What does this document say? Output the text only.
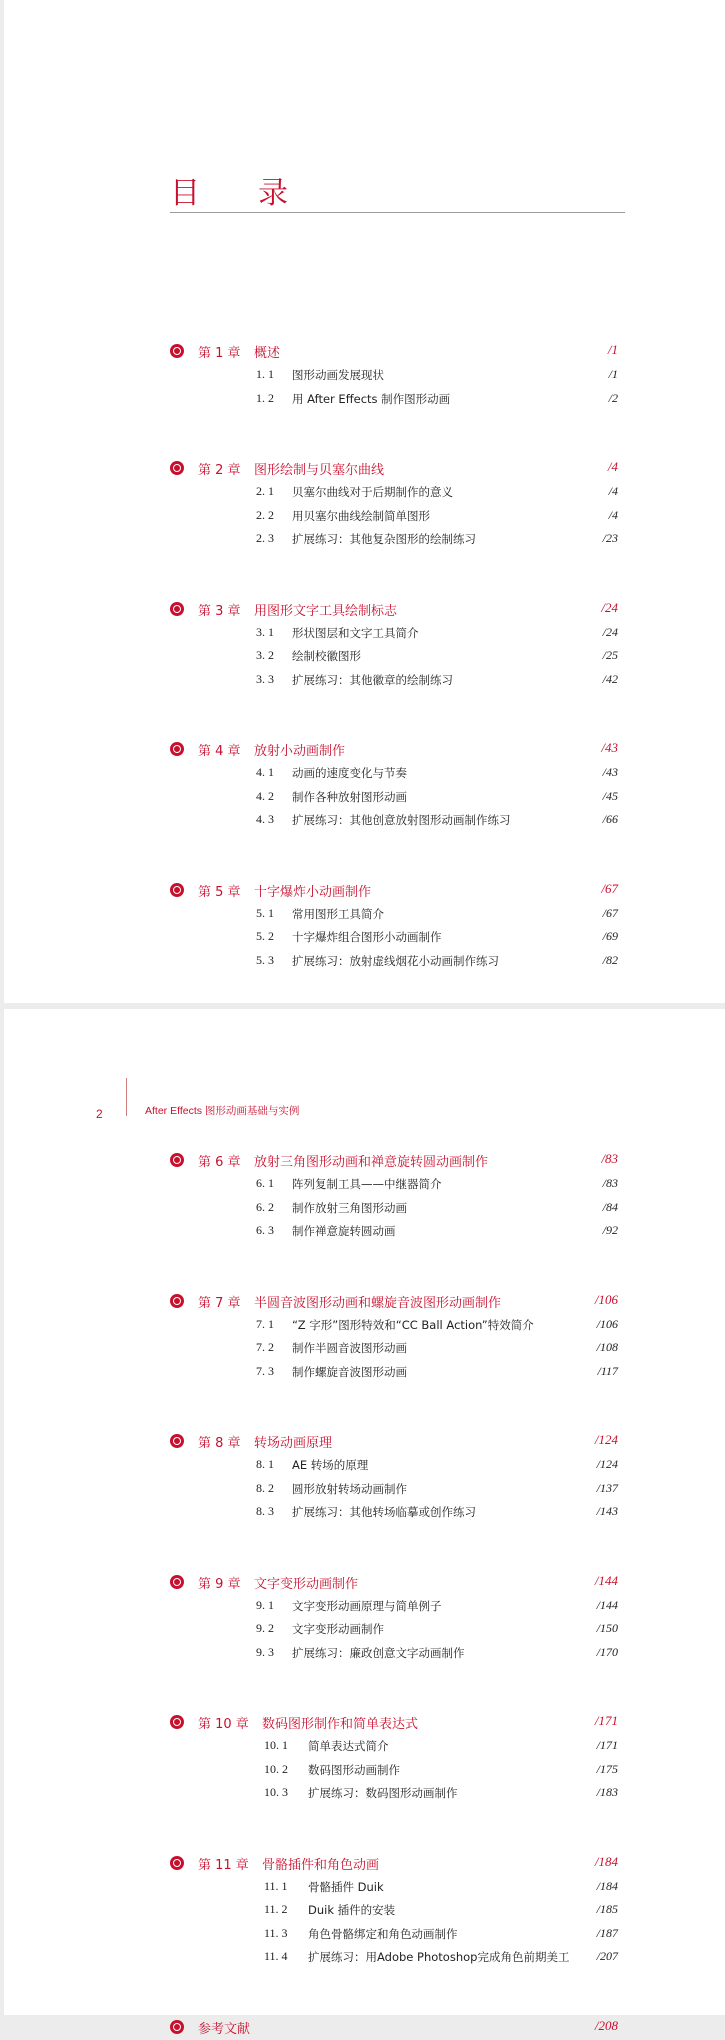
目　录
2	After Effects 图形动画基础与实例
第 1 章 概述	/1
1. 1 图形动画发展现状	/1
1. 2 用 After Effects 制作图形动画	/2
第 2 章 图形绘制与贝塞尔曲线	/4
2. 1 贝塞尔曲线对于后期制作的意义	/4
2. 2 用贝塞尔曲线绘制简单图形	/4
2. 3 扩展练习：其他复杂图形的绘制练习	/23
第 3 章 用图形文字工具绘制标志	/24
3. 1 形状图层和文字工具简介	/24
3. 2 绘制校徽图形	/25
3. 3 扩展练习：其他徽章的绘制练习	/42
第 4 章 放射小动画制作	/43
4. 1 动画的速度变化与节奏	/43
4. 2 制作各种放射图形动画	/45
4. 3 扩展练习：其他创意放射图形动画制作练习	/66
第 5 章 十字爆炸小动画制作	/67
5. 1 常用图形工具简介	/67
5. 2 十字爆炸组合图形小动画制作	/69
5. 3 扩展练习：放射虚线烟花小动画制作练习	/82
第 6 章 放射三角图形动画和禅意旋转圆动画制作	/83
6. 1 阵列复制工具——中继器简介	/83
6. 2 制作放射三角图形动画	/84
6. 3 制作禅意旋转圆动画	/92
第 7 章 半圆音波图形动画和螺旋音波图形动画制作	/106
7. 1 “Z 字形”图形特效和“CC Ball Action”特效简介	/106
7. 2 制作半圆音波图形动画	/108
7. 3 制作螺旋音波图形动画	/117
第 8 章 转场动画原理	/124
8. 1 AE 转场的原理	/124
8. 2 圆形放射转场动画制作	/137
8. 3 扩展练习：其他转场临摹或创作练习	/143
第 9 章 文字变形动画制作	/144
9. 1 文字变形动画原理与简单例子	/144
9. 2 文字变形动画制作	/150
9. 3 扩展练习：廉政创意文字动画制作	/170
第 10 章 数码图形制作和简单表达式	/171
10. 1 简单表达式简介	/171
10. 2 数码图形动画制作	/175
10. 3 扩展练习：数码图形动画制作	/183
第 11 章 骨骼插件和角色动画	/184
11. 1 骨骼插件 Duik	/184
11. 2 Duik 插件的安装	/185
11. 3 角色骨骼绑定和角色动画制作	/187
11. 4 扩展练习：用Adobe Photoshop完成角色前期美工 /207
参考文献	/208
